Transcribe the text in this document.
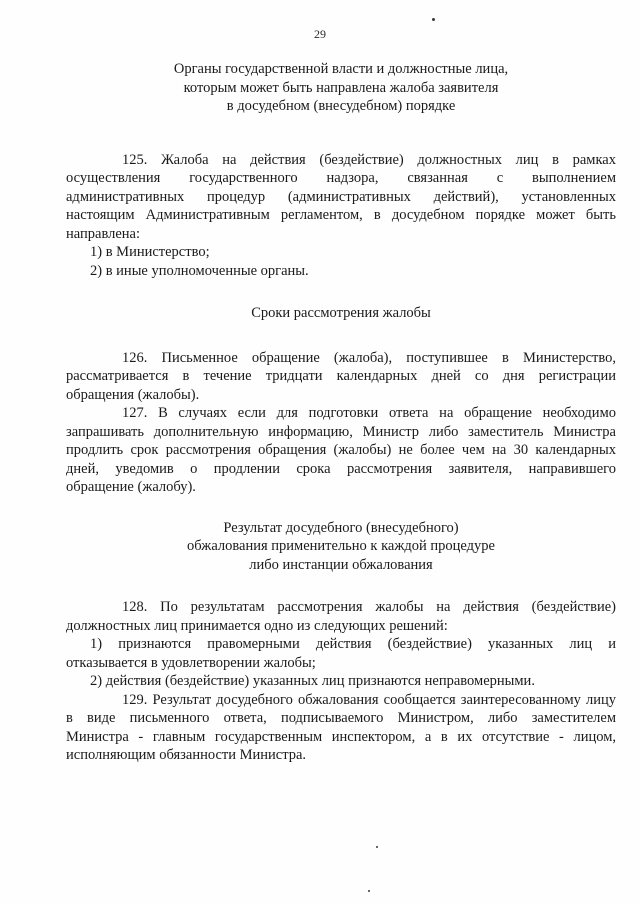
29
Органы государственной власти и должностные лица,
которым может быть направлена жалоба заявителя
в досудебном (внесудебном) порядке
125. Жалоба на действия (бездействие) должностных лиц в рамках
осуществления государственного надзора, связанная с выполнением
административных процедур (административных действий), установленных
настоящим Административным регламентом, в досудебном порядке может быть
направлена:
1) в Министерство;
2) в иные уполномоченные органы.
Сроки рассмотрения жалобы
126. Письменное обращение (жалоба), поступившее в Министерство,
рассматривается в течение тридцати календарных дней со дня регистрации
обращения (жалобы).
127. В случаях если для подготовки ответа на обращение необходимо
запрашивать дополнительную информацию, Министр либо заместитель Министра
продлить срок рассмотрения обращения (жалобы) не более чем на 30 календарных
дней, уведомив о продлении срока рассмотрения заявителя, направившего
обращение (жалобу).
Результат досудебного (внесудебного)
обжалования применительно к каждой процедуре
либо инстанции обжалования
128. По результатам рассмотрения жалобы на действия (бездействие)
должностных лиц принимается одно из следующих решений:
1) признаются правомерными действия (бездействие) указанных лиц и
отказывается в удовлетворении жалобы;
2) действия (бездействие) указанных лиц признаются неправомерными.
129. Результат досудебного обжалования сообщается заинтересованному лицу
в виде письменного ответа, подписываемого Министром, либо заместителем
Министра - главным государственным инспектором, а в их отсутствие - лицом,
исполняющим обязанности Министра.
